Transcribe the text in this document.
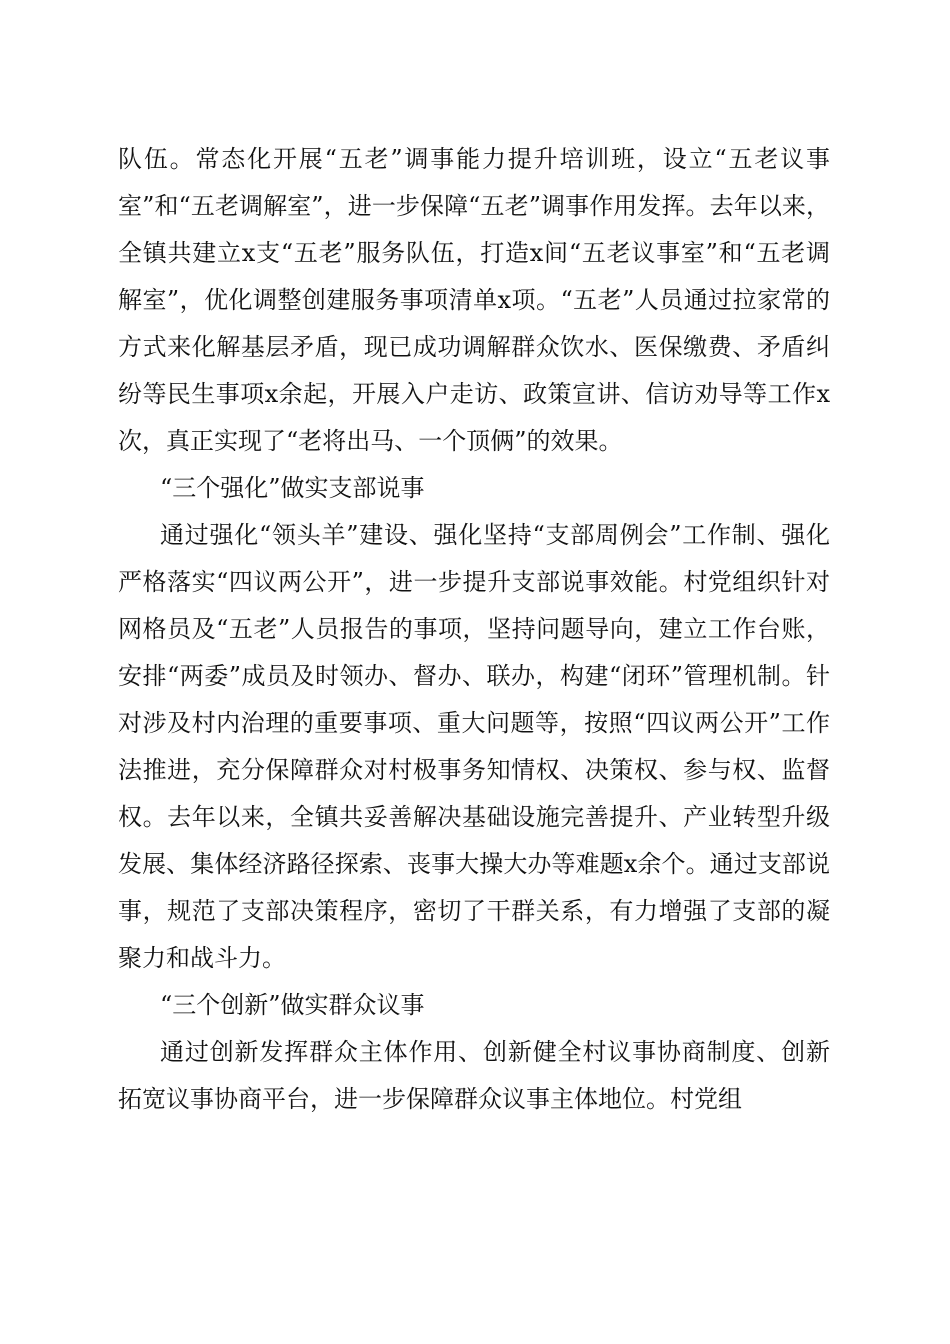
队伍。常态化开展“五老”调事能力提升培训班，设立“五老议事室”和“五老调解室”，进一步保障“五老”调事作用发挥。去年以来，全镇共建立x支“五老”服务队伍，打造x间“五老议事室”和“五老调解室”，优化调整创建服务事项清单x项。“五老”人员通过拉家常的方式来化解基层矛盾，现已成功调解群众饮水、医保缴费、矛盾纠纷等民生事项x余起，开展入户走访、政策宣讲、信访劝导等工作x次，真正实现了“老将出马、一个顶俩”的效果。

“三个强化”做实支部说事

通过强化“领头羊”建设、强化坚持“支部周例会”工作制、强化严格落实“四议两公开”，进一步提升支部说事效能。村党组织针对网格员及“五老”人员报告的事项，坚持问题导向，建立工作台账，安排“两委”成员及时领办、督办、联办，构建“闭环”管理机制。针对涉及村内治理的重要事项、重大问题等，按照“四议两公开”工作法推进，充分保障群众对村极事务知情权、决策权、参与权、监督权。去年以来，全镇共妥善解决基础设施完善提升、产业转型升级发展、集体经济路径探索、丧事大操大办等难题x余个。通过支部说事，规范了支部决策程序，密切了干群关系，有力增强了支部的凝聚力和战斗力。

“三个创新”做实群众议事

通过创新发挥群众主体作用、创新健全村议事协商制度、创新拓宽议事协商平台，进一步保障群众议事主体地位。村党组
